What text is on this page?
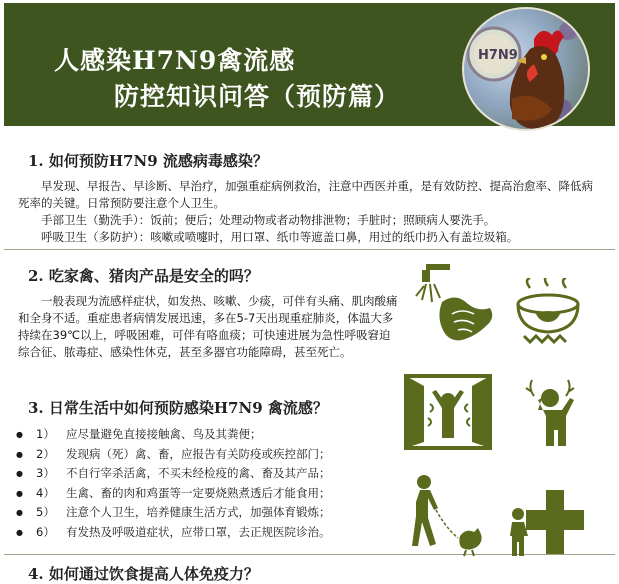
人感染H7N9禽流感
防控知识问答（预防篇）
H7N9
1. 如何预防H7N9 流感病毒感染？

早发现、早报告、早诊断、早治疗，加强重症病例救治，注意中西医并重，是有效防控、提高治愈率、降低病死率的关键。日常预防要注意个人卫生。

手部卫生（勤洗手）：饭前；便后；处理动物或者动物排泄物；手脏时；照顾病人要洗手。

呼吸卫生（多防护）：咳嗽或喷嚏时，用口罩、纸巾等遮盖口鼻，用过的纸巾扔入有盖垃圾箱。

2. 吃家禽、猪肉产品是安全的吗？

一般表现为流感样症状，如发热、咳嗽、少痰，可伴有头痛、肌肉酸痛和全身不适。重症患者病情发展迅速，多在5-7天出现重症肺炎，体温大多持续在39℃以上，呼吸困难，可伴有咯血痰；可快速进展为急性呼吸窘迫综合征、脓毒症、感染性休克，甚至多器官功能障碍，甚至死亡。

3. 日常生活中如何预防感染H7N9 禽流感？
● 1） 应尽量避免直接接触禽、鸟及其粪便；
● 2） 发现病（死）禽、畜，应报告有关防疫或疾控部门；
● 3） 不自行宰杀活禽，不买未经检疫的禽、畜及其产品；
● 4） 生禽、畜的肉和鸡蛋等一定要烧熟煮透后才能食用；
● 5） 注意个人卫生，培养健康生活方式，加强体育锻炼；
● 6） 有发热及呼吸道症状，应带口罩，去正规医院诊治。
4. 如何通过饮食提高人体免疫力？
